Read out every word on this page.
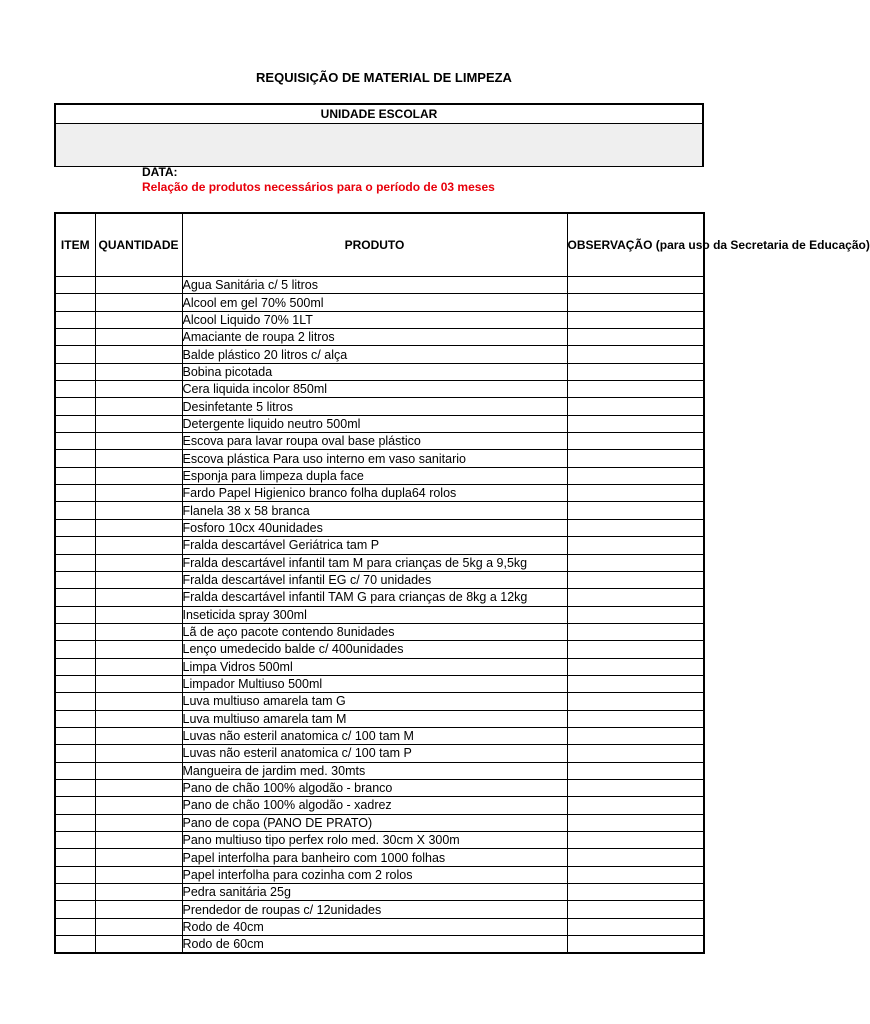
REQUISIÇÃO DE MATERIAL DE LIMPEZA
UNIDADE ESCOLAR
DATA:
Relação de produtos necessários para o período de 03 meses
ITEM	QUANTIDADE	PRODUTO	OBSERVAÇÃO (para uso da Secretaria de Educação)
		Agua Sanitária c/ 5 litros	
		Alcool em gel 70% 500ml	
		Alcool Liquido 70% 1LT	
		Amaciante de roupa 2 litros	
		Balde plástico 20 litros c/ alça	
		Bobina picotada	
		Cera liquida incolor 850ml	
		Desinfetante 5 litros	
		Detergente liquido neutro 500ml	
		Escova para lavar roupa oval base plástico	
		Escova plástica Para uso interno em vaso sanitario	
		Esponja para limpeza dupla face	
		Fardo Papel Higienico branco folha dupla64 rolos	
		Flanela 38 x 58 branca	
		Fosforo 10cx 40unidades	
		Fralda descartável Geriátrica tam P	
		Fralda descartável infantil tam M para crianças de 5kg a 9,5kg	
		Fralda descartável infantil EG c/ 70 unidades	
		Fralda descartável infantil TAM G para crianças de 8kg a 12kg	
		Inseticida spray 300ml	
		Lã de aço pacote contendo 8unidades	
		Lenço umedecido balde c/ 400unidades	
		Limpa Vidros 500ml	
		Limpador Multiuso 500ml	
		Luva multiuso amarela tam G	
		Luva multiuso amarela tam M	
		Luvas não esteril anatomica c/ 100 tam M	
		Luvas não esteril anatomica c/ 100 tam P	
		Mangueira de jardim med. 30mts	
		Pano de chão 100% algodão - branco	
		Pano de chão 100% algodão - xadrez	
		Pano de copa (PANO DE PRATO)	
		Pano multiuso tipo perfex rolo med. 30cm X 300m	
		Papel interfolha para banheiro com 1000 folhas	
		Papel interfolha para cozinha com 2 rolos	
		Pedra sanitária 25g	
		Prendedor de roupas c/ 12unidades	
		Rodo de 40cm	
		Rodo de 60cm	
